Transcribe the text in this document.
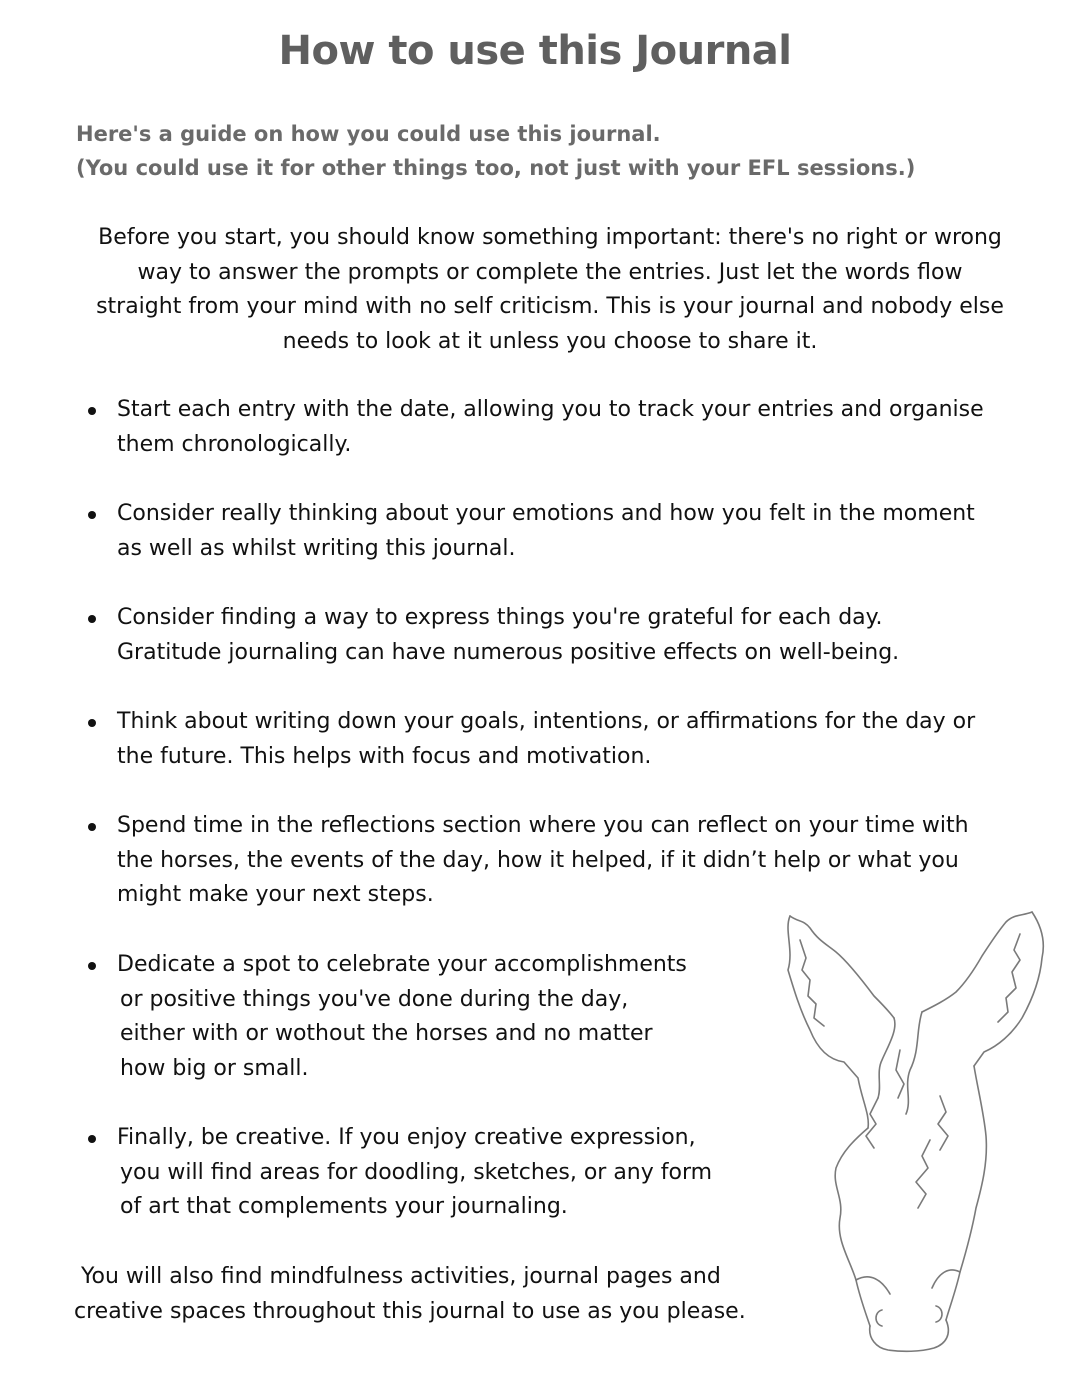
How to use this Journal
Here's a guide on how you could use this journal.
(You could use it for other things too, not just with your EFL sessions.)
Before you start, you should know something important: there's no right or wrong
way to answer the prompts or complete the entries. Just let the words flow
straight from your mind with no self criticism. This is your journal and nobody else
needs to look at it unless you choose to share it.
Start each entry with the date, allowing you to track your entries and organise
them chronologically.
Consider really thinking about your emotions and how you felt in the moment
as well as whilst writing this journal.
Consider finding a way to express things you're grateful for each day.
Gratitude journaling can have numerous positive effects on well-being.
Think about writing down your goals, intentions, or affirmations for the day or
the future. This helps with focus and motivation.
Spend time in the reflections section where you can reflect on your time with
the horses, the events of the day, how it helped, if it didn’t help or what you
might make your next steps.
Dedicate a spot to celebrate your accomplishments
or positive things you've done during the day,
either with or wothout the horses and no matter
how big or small.
Finally, be creative. If you enjoy creative expression,
you will find areas for doodling, sketches, or any form
of art that complements your journaling.
You will also find mindfulness activities, journal pages and
creative spaces throughout this journal to use as you please.
